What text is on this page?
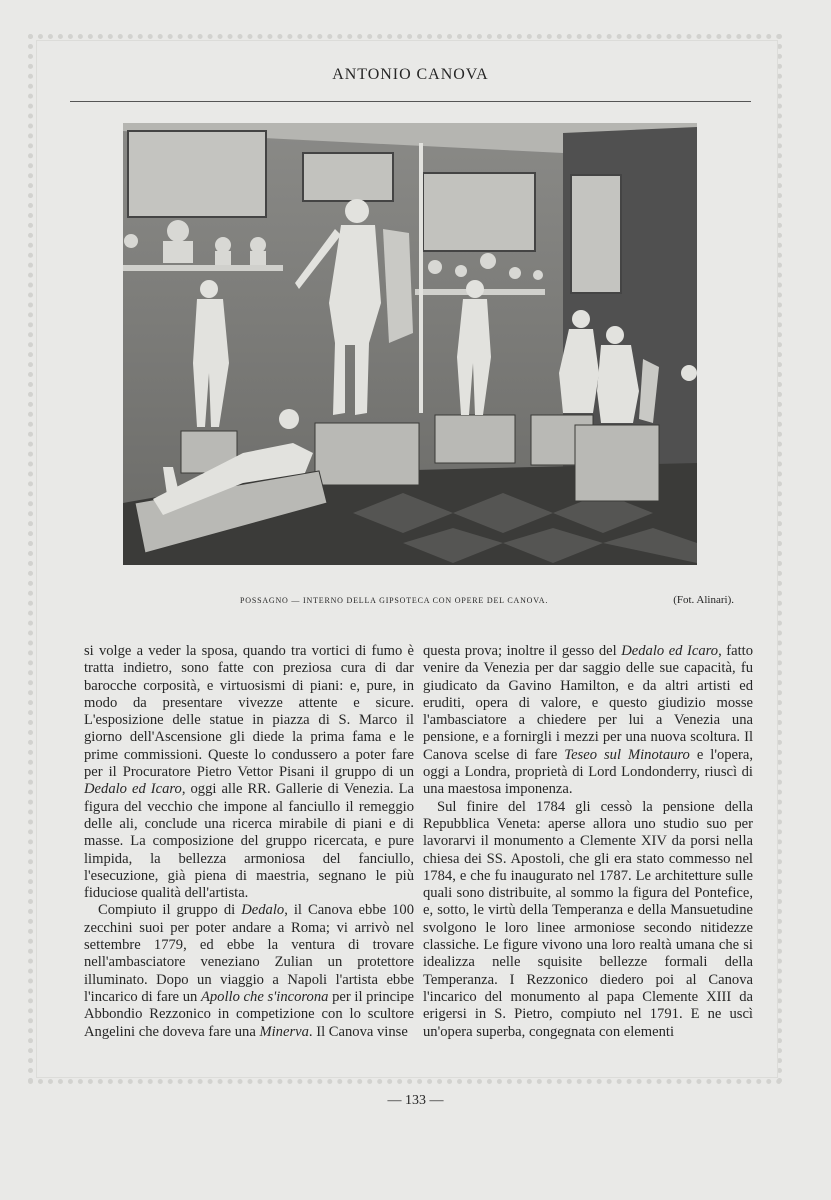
ANTONIO CANOVA
POSSAGNO — INTERNO DELLA GIPSOTECA CON OPERE DEL CANOVA.	(Fot. Alinari).

si volge a veder la sposa, quando tra vortici di fumo è tratta indietro, sono fatte con preziosa cura di dar barocche corposità, e virtuosismi di piani: e, pure, in modo da presentare vivezze attente e sicure. L'esposizione delle statue in piazza di S. Marco il giorno dell'Ascensione gli diede la prima fama e le prime commissioni. Queste lo condussero a poter fare per il Procuratore Pietro Vettor Pisani il gruppo di un Dedalo ed Icaro, oggi alle RR. Gallerie di Venezia. La figura del vecchio che impone al fanciullo il remeggio delle ali, conclude una ricerca mirabile di piani e di masse. La composizione del gruppo ricercata, e pure limpida, la bellezza armoniosa del fanciullo, l'esecuzione, già piena di maestria, segnano le più fiduciose qualità dell'artista.

Compiuto il gruppo di Dedalo, il Canova ebbe 100 zecchini suoi per poter andare a Roma; vi arrivò nel settembre 1779, ed ebbe la ventura di trovare nell'ambasciatore veneziano Zulian un protettore illuminato. Dopo un viaggio a Napoli l'artista ebbe l'incarico di fare un Apollo che s'incorona per il principe Abbondio Rezzonico in competizione con lo scultore Angelini che doveva fare una Minerva. Il Canova vinse

questa prova; inoltre il gesso del Dedalo ed Icaro, fatto venire da Venezia per dar saggio delle sue capacità, fu giudicato da Gavino Hamilton, e da altri artisti ed eruditi, opera di valore, e questo giudizio mosse l'ambasciatore a chiedere per lui a Venezia una pensione, e a fornirgli i mezzi per una nuova scoltura. Il Canova scelse di fare Teseo sul Minotauro e l'opera, oggi a Londra, proprietà di Lord Londonderry, riuscì di una maestosa imponenza.

Sul finire del 1784 gli cessò la pensione della Repubblica Veneta: aperse allora uno studio suo per lavorarvi il monumento a Clemente XIV da porsi nella chiesa dei SS. Apostoli, che gli era stato commesso nel 1784, e che fu inaugurato nel 1787. Le architetture sulle quali sono distribuite, al sommo la figura del Pontefice, e, sotto, le virtù della Temperanza e della Mansuetudine svolgono le loro linee armoniose secondo nitidezze classiche. Le figure vivono una loro realtà umana che si idealizza nelle squisite bellezze formali della Temperanza. I Rezzonico diedero poi al Canova l'incarico del monumento al papa Clemente XIII da erigersi in S. Pietro, compiuto nel 1791. E ne uscì un'opera superba, congegnata con elementi

— 133 —
